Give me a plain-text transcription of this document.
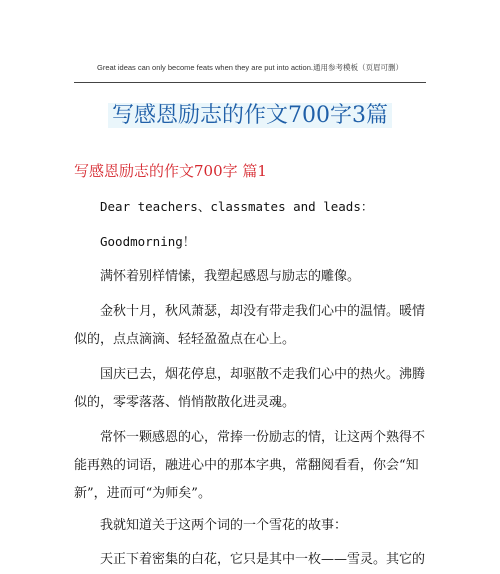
Great ideas can only become feats when they are put into action.通用参考模板（页眉可删）
写感恩励志的作文700字3篇
写感恩励志的作文700字 篇1

Dear teachers、classmates and leads：

Goodmorning！

满怀着别样情愫，我塑起感恩与励志的雕像。

金秋十月，秋风萧瑟，却没有带走我们心中的温情。暖情似的，点点滴滴、轻轻盈盈点在心上。

国庆已去，烟花停息，却驱散不走我们心中的热火。沸腾似的，零零落落、悄悄散散化进灵魂。

常怀一颗感恩的心，常捧一份励志的情，让这两个熟得不能再熟的词语，融进心中的那本字典，常翻阅看看，你会“知新”，进而可“为师矣”。

我就知道关于这两个词的一个雪花的故事：

天正下着密集的白花，它只是其中一枚——雪灵。其它的
